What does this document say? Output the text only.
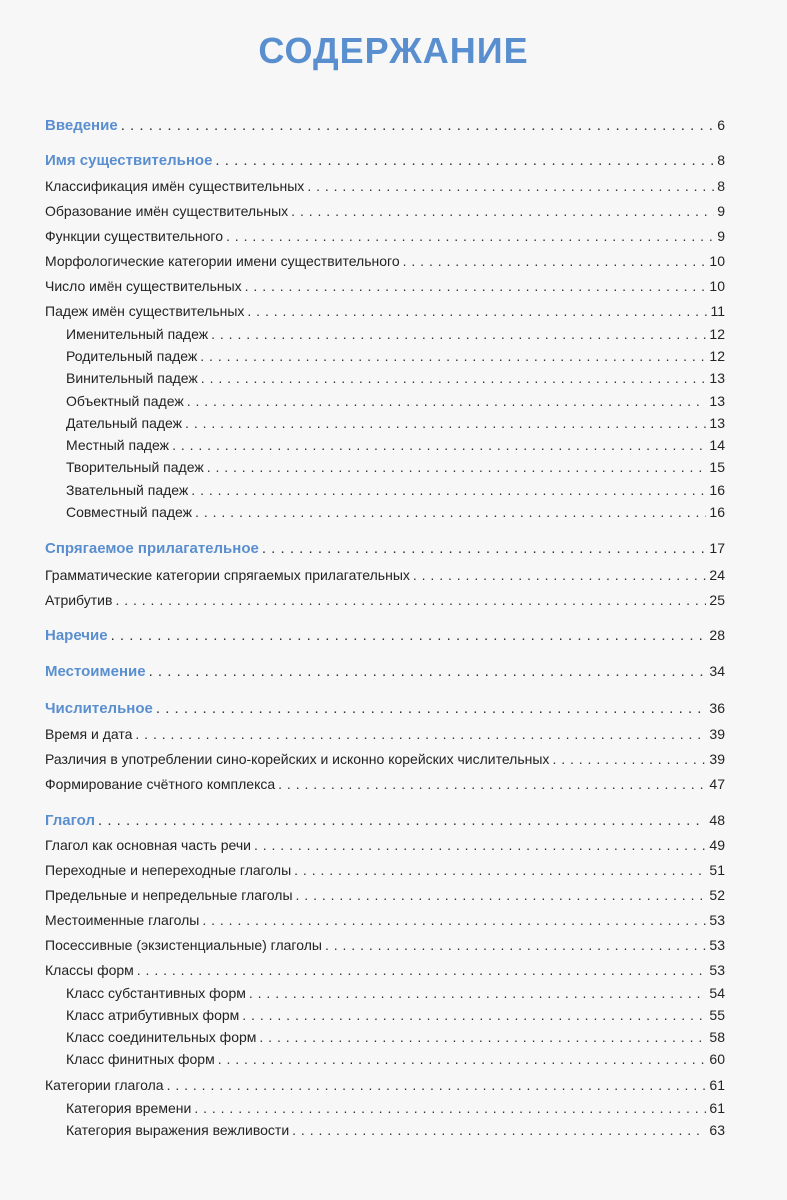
СОДЕРЖАНИЕ
Введение . . .	6
Имя существительное . . .	8
Классификация имён существительных . . .	8
Образование имён существительных . . .	9
Функции существительного . . .	9
Морфологические категории имени существительного . . .	10
Число имён существительных . . .	10
Падеж имён существительных . . .	11
Именительный падеж . . .	12
Родительный падеж . . .	12
Винительный падеж . . .	13
Объектный падеж . . .	13
Дательный падеж . . .	13
Местный падеж . . .	14
Творительный падеж . . .	15
Звательный падеж . . .	16
Совместный падеж . . .	16
Спрягаемое прилагательное . . .	17
Грамматические категории спрягаемых прилагательных . . .	24
Атрибутив . . .	25
Наречие . . .	28
Местоимение . . .	34
Числительное . . .	36
Время и дата . . .	39
Различия в употреблении сино-корейских и исконно корейских числительных . . .	39
Формирование счётного комплекса . . .	47
Глагол . . .	48
Глагол как основная часть речи . . .	49
Переходные и непереходные глаголы . . .	51
Предельные и непредельные глаголы . . .	52
Местоименные глаголы . . .	53
Посессивные (экзистенциальные) глаголы . . .	53
Классы форм . . .	53
Класс субстантивных форм . . .	54
Класс атрибутивных форм . . .	55
Класс соединительных форм . . .	58
Класс финитных форм . . .	60
Категории глагола . . .	61
Категория времени . . .	61
Категория выражения вежливости . . .	63
